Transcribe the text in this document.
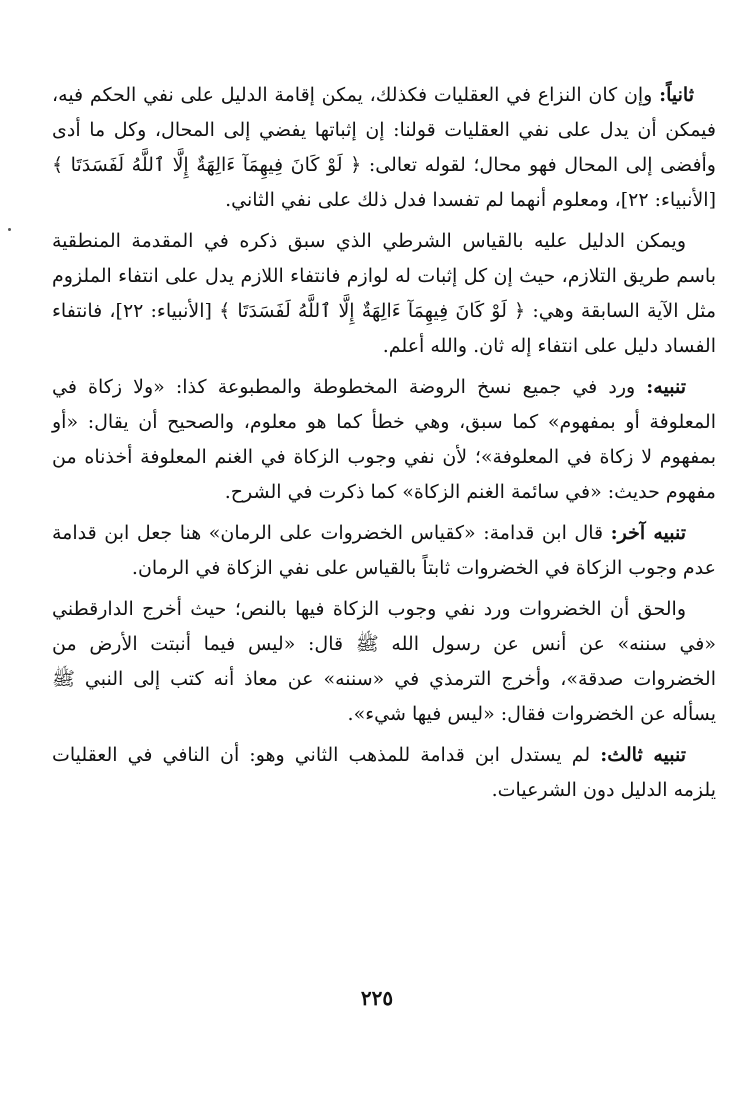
ثانياً: وإن كان النزاع في العقليات فكذلك، يمكن إقامة الدليل على نفي الحكم فيه، فيمكن أن يدل على نفي العقليات قولنا: إن إثباتها يفضي إلى المحال، وكل ما أدى وأفضى إلى المحال فهو محال؛ لقوله تعالى: ﴿ لَوْ كَانَ فِيهِمَآ ءَالِهَةٌ إِلَّا ٱللَّهُ لَفَسَدَتَا ﴾ [الأنبياء: ٢٢]، ومعلوم أنهما لم تفسدا فدل ذلك على نفي الثاني.

ويمكن الدليل عليه بالقياس الشرطي الذي سبق ذكره في المقدمة المنطقية باسم طريق التلازم، حيث إن كل إثبات له لوازم فانتفاء اللازم يدل على انتفاء الملزوم مثل الآية السابقة وهي: ﴿ لَوْ كَانَ فِيهِمَآ ءَالِهَةٌ إِلَّا ٱللَّهُ لَفَسَدَتَا ﴾ [الأنبياء: ٢٢]، فانتفاء الفساد دليل على انتفاء إله ثان. والله أعلم.

تنبيه: ورد في جميع نسخ الروضة المخطوطة والمطبوعة كذا: «ولا زكاة في المعلوفة أو بمفهوم» كما سبق، وهي خطأ كما هو معلوم، والصحيح أن يقال: «أو بمفهوم لا زكاة في المعلوفة»؛ لأن نفي وجوب الزكاة في الغنم المعلوفة أخذناه من مفهوم حديث: «في سائمة الغنم الزكاة» كما ذكرت في الشرح.

تنبيه آخر: قال ابن قدامة: «كقياس الخضروات على الرمان» هنا جعل ابن قدامة عدم وجوب الزكاة في الخضروات ثابتاً بالقياس على نفي الزكاة في الرمان.

والحق أن الخضروات ورد نفي وجوب الزكاة فيها بالنص؛ حيث أخرج الدارقطني «في سننه» عن أنس عن رسول الله ﷺ قال: «ليس فيما أنبتت الأرض من الخضروات صدقة»، وأخرج الترمذي في «سننه» عن معاذ أنه كتب إلى النبي ﷺ يسأله عن الخضروات فقال: «ليس فيها شيء».

تنبيه ثالث: لم يستدل ابن قدامة للمذهب الثاني وهو: أن النافي في العقليات يلزمه الدليل دون الشرعيات.

٢٢٥
